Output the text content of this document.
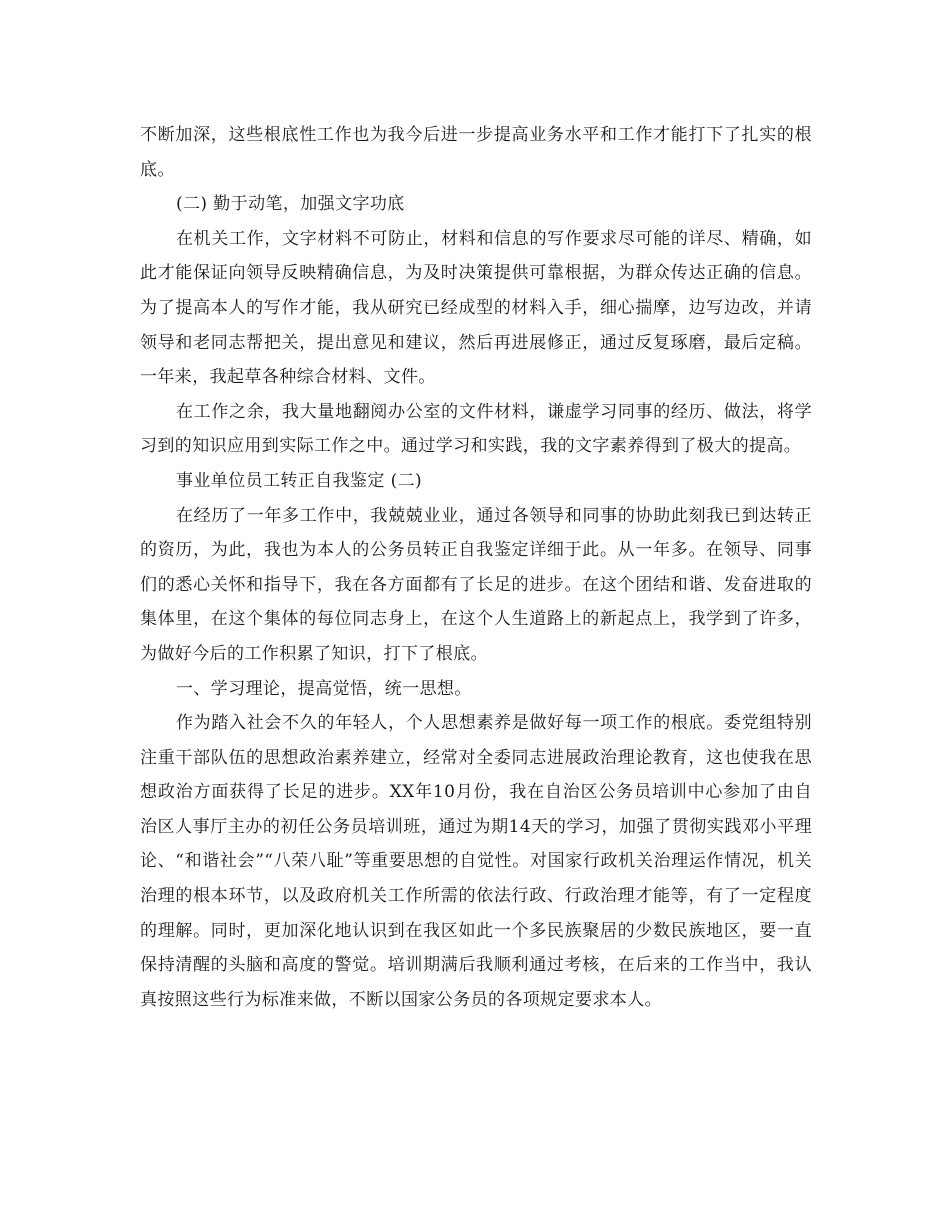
不断加深，这些根底性工作也为我今后进一步提高业务水平和工作才能打下了扎实的根底。

(二) 勤于动笔，加强文字功底

在机关工作，文字材料不可防止，材料和信息的写作要求尽可能的详尽、精确，如此才能保证向领导反映精确信息，为及时决策提供可靠根据，为群众传达正确的信息。为了提高本人的写作才能，我从研究已经成型的材料入手，细心揣摩，边写边改，并请领导和老同志帮把关，提出意见和建议，然后再进展修正，通过反复琢磨，最后定稿。一年来，我起草各种综合材料、文件。

在工作之余，我大量地翻阅办公室的文件材料，谦虚学习同事的经历、做法，将学习到的知识应用到实际工作之中。通过学习和实践，我的文字素养得到了极大的提高。

事业单位员工转正自我鉴定 (二)

在经历了一年多工作中，我兢兢业业，通过各领导和同事的协助此刻我已到达转正的资历，为此，我也为本人的公务员转正自我鉴定详细于此。从一年多。在领导、同事们的悉心关怀和指导下，我在各方面都有了长足的进步。在这个团结和谐、发奋进取的集体里，在这个集体的每位同志身上，在这个人生道路上的新起点上，我学到了许多，为做好今后的工作积累了知识，打下了根底。

一、学习理论，提高觉悟，统一思想。

作为踏入社会不久的年轻人，个人思想素养是做好每一项工作的根底。委党组特别注重干部队伍的思想政治素养建立，经常对全委同志进展政治理论教育，这也使我在思想政治方面获得了长足的进步。XX年10月份，我在自治区公务员培训中心参加了由自治区人事厅主办的初任公务员培训班，通过为期14天的学习，加强了贯彻实践邓小平理论、“和谐社会”“八荣八耻”等重要思想的自觉性。对国家行政机关治理运作情况，机关治理的根本环节，以及政府机关工作所需的依法行政、行政治理才能等，有了一定程度的理解。同时，更加深化地认识到在我区如此一个多民族聚居的少数民族地区，要一直保持清醒的头脑和高度的警觉。培训期满后我顺利通过考核，在后来的工作当中，我认真按照这些行为标准来做，不断以国家公务员的各项规定要求本人。
